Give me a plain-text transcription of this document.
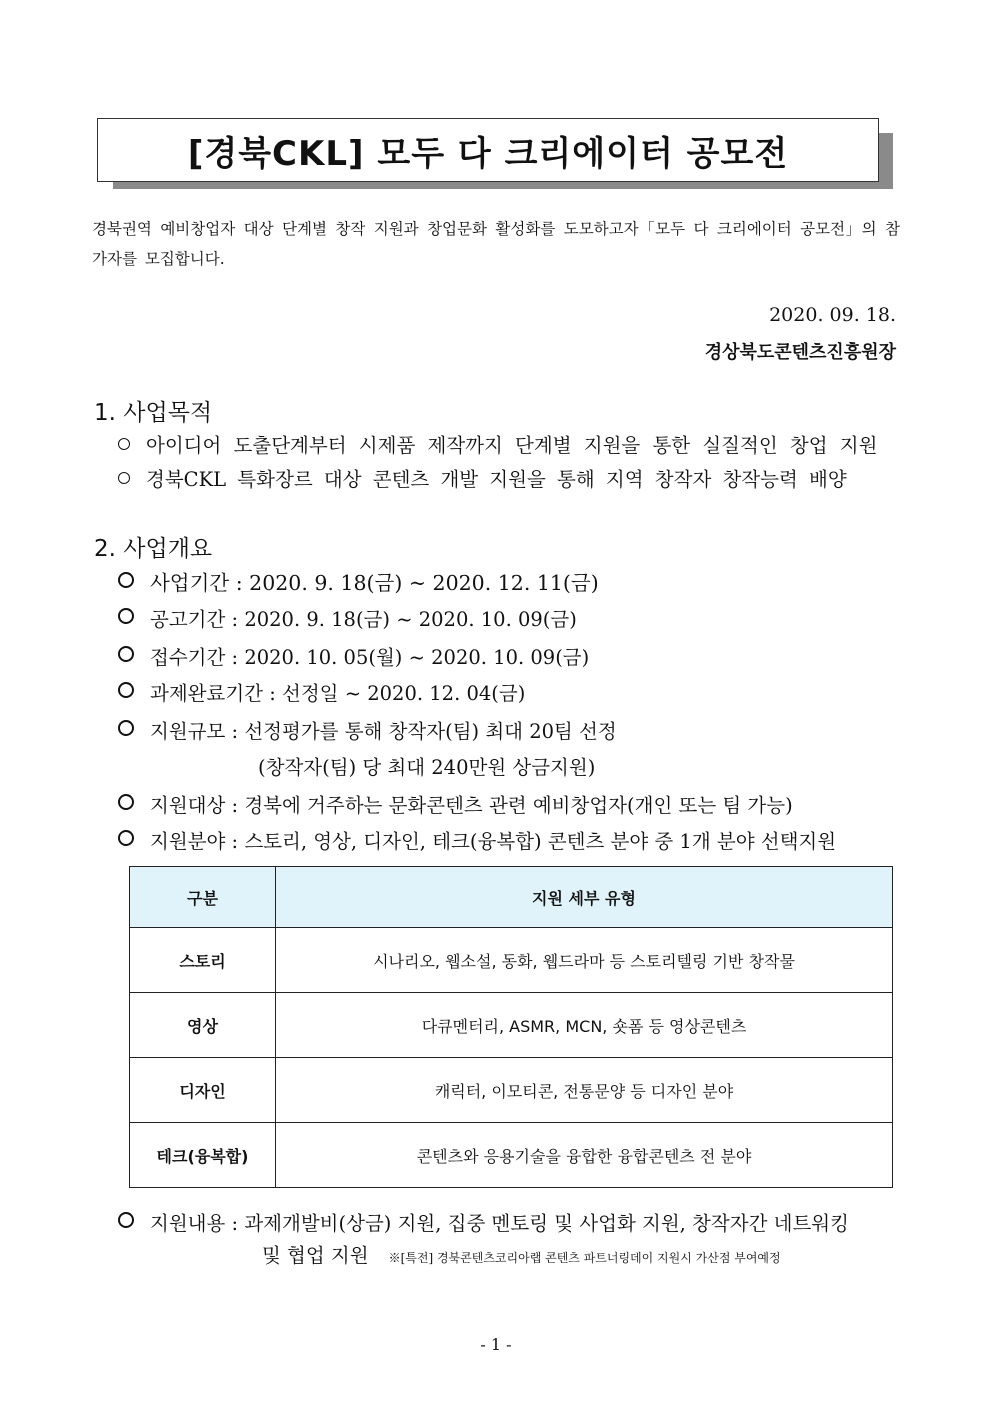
[경북CKL] 모두 다 크리에이터 공모전
경북권역 예비창업자 대상 단계별 창작 지원과 창업문화 활성화를 도모하고자「모두 다 크리에이터 공모전」의 참가자를 모집합니다.
2020. 09. 18.
경상북도콘텐츠진흥원장
1. 사업목적
아이디어 도출단계부터 시제품 제작까지 단계별 지원을 통한 실질적인 창업 지원
경북CKL 특화장르 대상 콘텐츠 개발 지원을 통해 지역 창작자 창작능력 배양
2. 사업개요
사업기간 : 2020. 9. 18(금) ~ 2020. 12. 11(금)
공고기간 : 2020. 9. 18(금) ~ 2020. 10. 09(금)
접수기간 : 2020. 10. 05(월) ~ 2020. 10. 09(금)
과제완료기간 : 선정일 ~ 2020. 12. 04(금)
지원규모 : 선정평가를 통해 창작자(팀) 최대 20팀 선정
(창작자(팀) 당 최대 240만원 상금지원)
지원대상 : 경북에 거주하는 문화콘텐츠 관련 예비창업자(개인 또는 팀 가능)
지원분야 : 스토리, 영상, 디자인, 테크(융복합) 콘텐츠 분야 중 1개 분야 선택지원
구분	지원 세부 유형
스토리	시나리오, 웹소설, 동화, 웹드라마 등 스토리텔링 기반 창작물
영상	다큐멘터리, ASMR, MCN, 숏폼 등 영상콘텐츠
디자인	캐릭터, 이모티콘, 전통문양 등 디자인 분야
테크(융복합)	콘텐츠와 응용기술을 융합한 융합콘텐츠 전 분야
지원내용 : 과제개발비(상금) 지원, 집중 멘토링 및 사업화 지원, 창작자간 네트워킹
및 협업 지원 ※[특전] 경북콘텐츠코리아랩 콘텐츠 파트너링데이 지원시 가산점 부여예정
- 1 -
